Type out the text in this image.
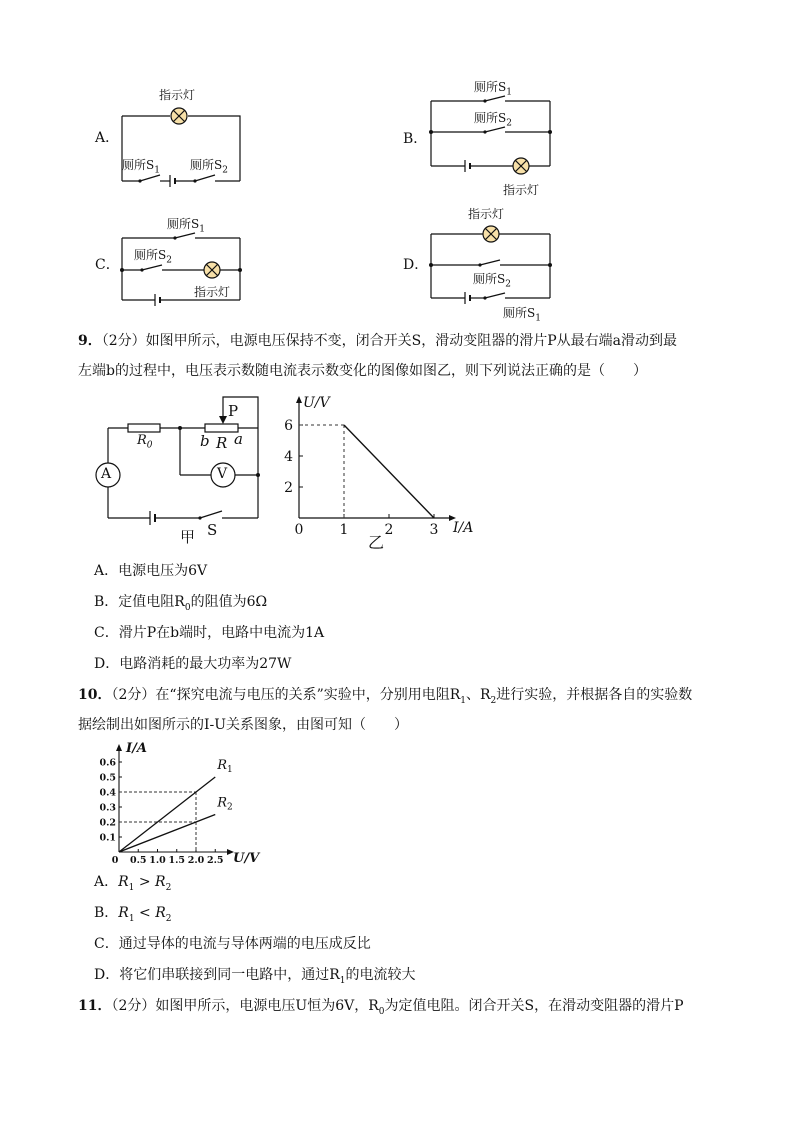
A．
指示灯
厕所$S_1$	厕所$S_2$
B．
厕所$S_1$
厕所$S_2$
指示灯
C．
厕所$S_1$
厕所$S_2$
指示灯
D．
指示灯
厕所$S_2$
厕所$S_1$
9．（2分）如图甲所示，电源电压保持不变，闭合开关S，滑动变阻器的滑片P从最右端a滑动到最
左端b的过程中，电压表示数随电流表示数变化的图像如图乙，则下列说法正确的是（　　）
A	V
$R_0$	b R a
P
S
甲
2
4
6
0	1	2	3
U/V
I/A
乙
A．电源电压为6V
B．定值电阻$R_0$的阻值为6Ω
C．滑片P在b端时，电路中电流为1A
D．电路消耗的最大功率为27W
10．（2分）在“探究电流与电压的关系”实验中，分别用电阻$R_1$、$R_2$进行实验，并根据各自的实验数
据绘制出如图所示的I-U关系图象，由图可知（　　）
0.1
0.2
0.3
0.4
0.5
0.6
0 0.5 1.0 1.5 2.0 2.5
$R_1$
$R_2$
I/A
U/V
A．$R_1 > R_2$
B．$R_1 < R_2$
C．通过导体的电流与导体两端的电压成反比
D．将它们串联接到同一电路中，通过$R_1$的电流较大
11．（2分）如图甲所示，电源电压U恒为6V，$R_0$为定值电阻。闭合开关S，在滑动变阻器的滑片P
